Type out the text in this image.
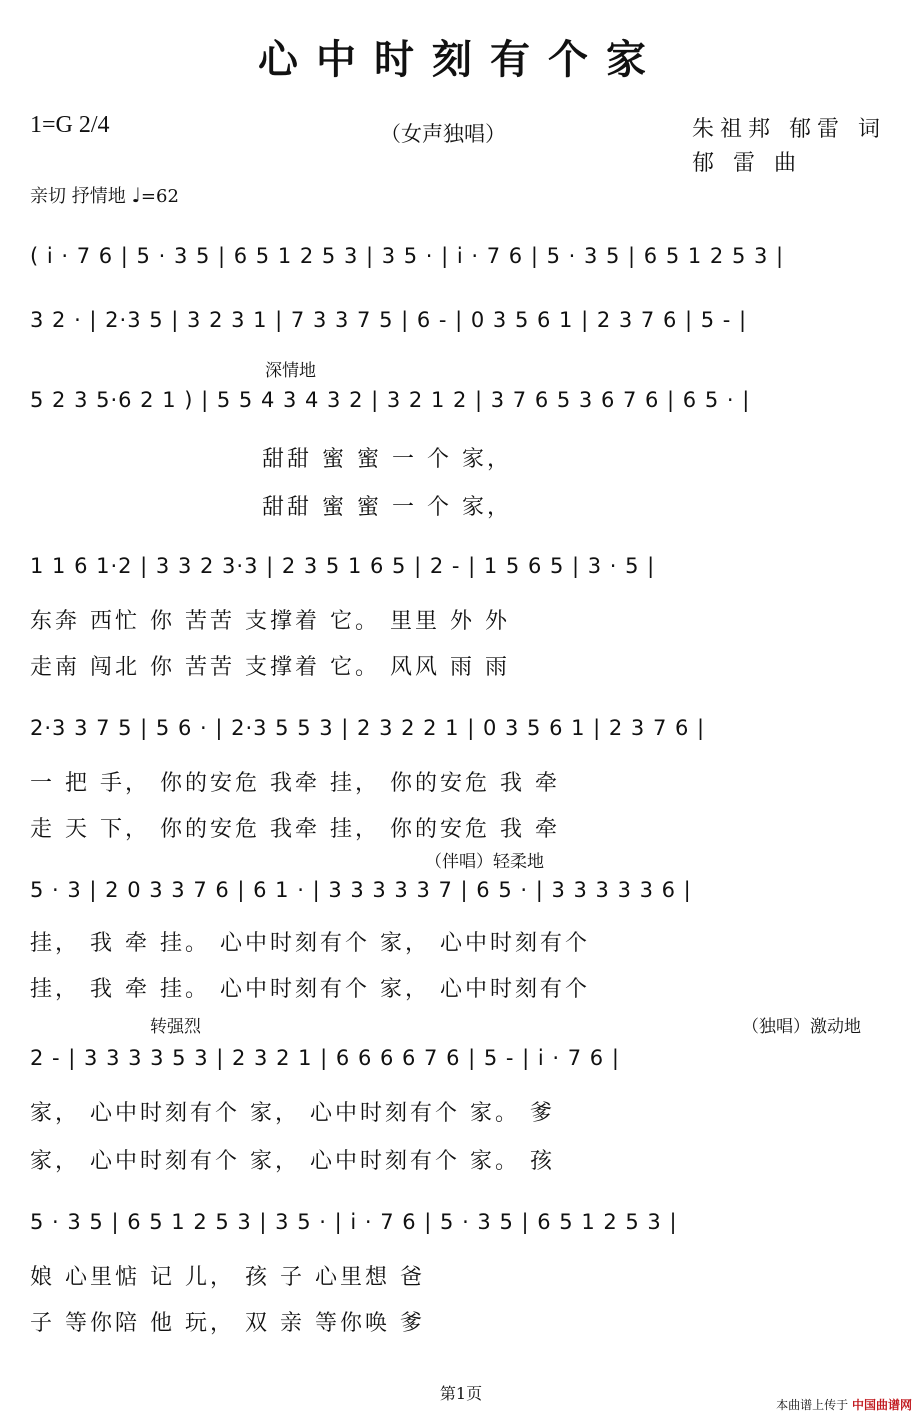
心中时刻有个家
1=G 2/4	（女声独唱）	朱祖邦 郁雷 词
郁 雷 曲
亲切 抒情地 ♩=62
深情地
（伴唱）轻柔地
转强烈	（独唱）激动地
( i · 7 6 | 5 · 3 5 | 6 5 1 2 5 3 | 3 5 · | i · 7 6 | 5 · 3 5 | 6 5 1 2 5 3 |
3 2 · | 2·3 5 | 3 2 3 1 | 7 3 3 7 5 | 6 - | 0 3 5 6 1 | 2 3 7 6 | 5 - |
5 2 3 5·6 2 1 ) | 5 5 4 3 4 3 2 | 3 2 1 2 | 3 7 6 5 3 6 7 6 | 6 5 · |
甜甜 蜜 蜜 一 个 家，
甜甜 蜜 蜜 一 个 家，
1 1 6 1·2 | 3 3 2 3·3 | 2 3 5 1 6 5 | 2 - | 1 5 6 5 | 3 · 5 |
东奔 西忙 你 苦苦 支撑着 它。 里里 外 外
走南 闯北 你 苦苦 支撑着 它。 风风 雨 雨
2·3 3 7 5 | 5 6 · | 2·3 5 5 3 | 2 3 2 2 1 | 0 3 5 6 1 | 2 3 7 6 |
一 把 手， 你的安危 我牵 挂， 你的安危 我 牵
走 天 下， 你的安危 我牵 挂， 你的安危 我 牵
5 · 3 | 2 0 3 3 7 6 | 6 1 · | 3 3 3 3 3 7 | 6 5 · | 3 3 3 3 3 6 |
挂， 我 牵 挂。 心中时刻有个 家， 心中时刻有个
挂， 我 牵 挂。 心中时刻有个 家， 心中时刻有个
2 - | 3 3 3 3 5 3 | 2 3 2 1 | 6 6 6 6 7 6 | 5 - | i · 7 6 |
家， 心中时刻有个 家， 心中时刻有个 家。 爹
家， 心中时刻有个 家， 心中时刻有个 家。 孩
5 · 3 5 | 6 5 1 2 5 3 | 3 5 · | i · 7 6 | 5 · 3 5 | 6 5 1 2 5 3 |
娘 心里惦 记 儿， 孩 子 心里想 爸
子 等你陪 他 玩， 双 亲 等你唤 爹
第1页
本曲谱上传于 中国曲谱网
